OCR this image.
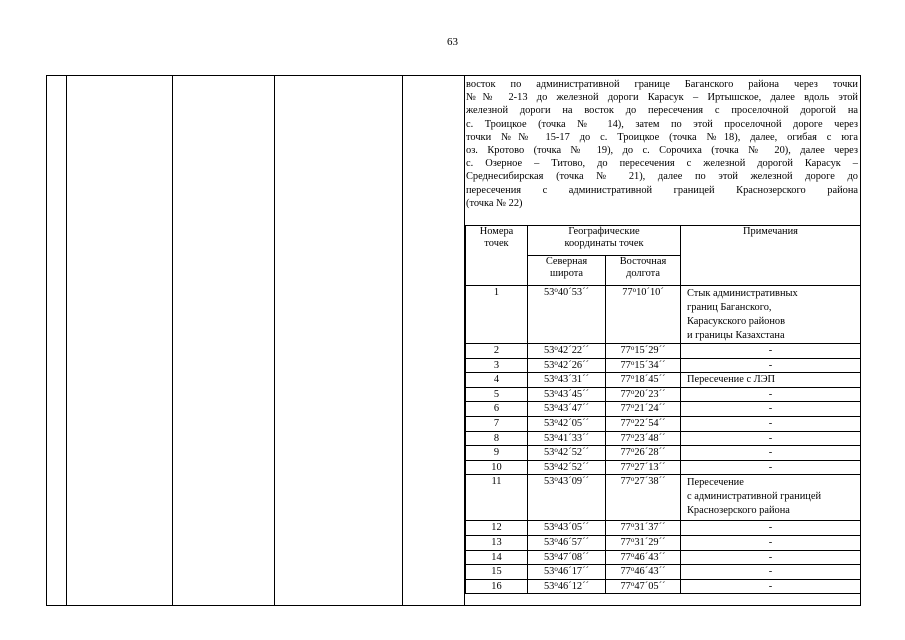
63
восток по административной границе Баганского района через точки
№№ 2-13 до железной дороги Карасук – Иртышское, далее вдоль этой
железной дороги на восток до пересечения с проселочной дорогой на
с. Троицкое (точка № 14), затем по этой проселочной дороге через
точки №№ 15-17 до с. Троицкое (точка №18), далее, огибая с юга
оз. Кротово (точка № 19), до с. Сорочиха (точка № 20), далее через
с. Озерное – Титово, до пересечения с железной дорогой Карасук –
Среднесибирская (точка № 21), далее по этой железной дороге до
пересечения с административной границей Краснозерского района
(точка № 22)
Номера точек	Географические координаты точек		Примечания
	Северная широта	Восточная долгота	
1	$53^о40´53´´$	$77^о10´10´$	Стык административных
границ Баганского,
Карасукского районов
и границы Казахстана

2	$53^о42´22´´$	$77^о15´29´´$	-

3	$53^о42´26´´$	$77^о15´34´´$	-

4	$53^о43´31´´$	$77^о18´45´´$	Пересечение с ЛЭП

5	$53^о43´45´´$	$77^о20´23´´$	-

6	$53^о43´47´´$	$77^о21´24´´$	-

7	$53^о42´05´´$	$77^о22´54´´$	-

8	$53^о41´33´´$	$77^о23´48´´$	-

9	$53^о42´52´´$	$77^о26´28´´$	-

10	$53^о42´52´´$	$77^о27´13´´$	-

11	$53^о43´09´´$	$77^о27´38´´$	Пересечение
с административной границей
Краснозерского района

12	$53^о43´05´´$	$77^о31´37´´$	-

13	$53^о46´57´´$	$77^о31´29´´$	-

14	$53^о47´08´´$	$77^о46´43´´$	-

15	$53^о46´17´´$	$77^о46´43´´$	-

16	$53^о46´12´´$	$77^о47´05´´$	-
